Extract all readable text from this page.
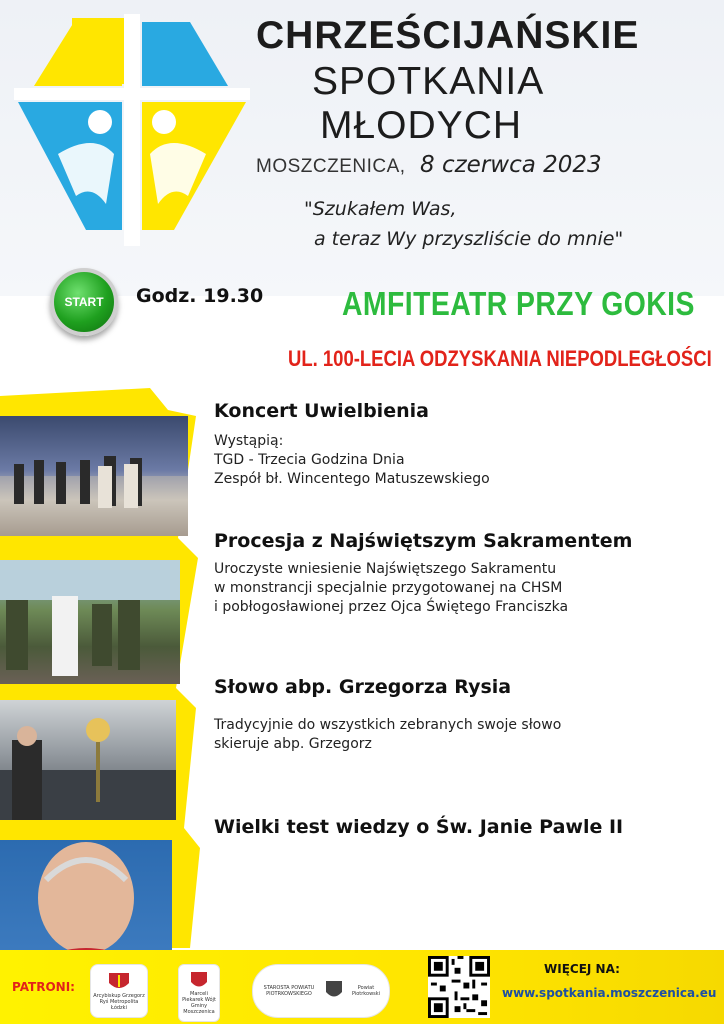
CHRZEŚCIJAŃSKIE
SPOTKANIA
MŁODYCH
MOSZCZENICA, 8 czerwca 2023
"Szukałem Was,
a teraz Wy przyszliście do mnie"
START Godz. 19.30 AMFITEATR PRZY GOKIS
UL. 100-LECIA ODZYSKANIA NIEPODLEGŁOŚCI
Koncert Uwielbienia
Wystąpią:
TGD - Trzecia Godzina Dnia
Zespół bł. Wincentego Matuszewskiego
Procesja z Najświętszym Sakramentem
Uroczyste wniesienie Najświętszego Sakramentu
w monstrancji specjalnie przygotowanej na CHSM
i pobłogosławionej przez Ojca Świętego Franciszka
Słowo abp. Grzegorza Rysia
Tradycyjnie do wszystkich zebranych swoje słowo
skieruje abp. Grzegorz
Wielki test wiedzy o Św. Janie Pawle II
PATRONI:
Arcybiskup Grzegorz Ryś Metropolita Łódzki
Marceli Piekarek Wójt Gminy Moszczenica
STAROSTA POWIATU PIOTRKOWSKIEGO
Powiat Piotrkowski
WIĘCEJ NA:
www.spotkania.moszczenica.eu
